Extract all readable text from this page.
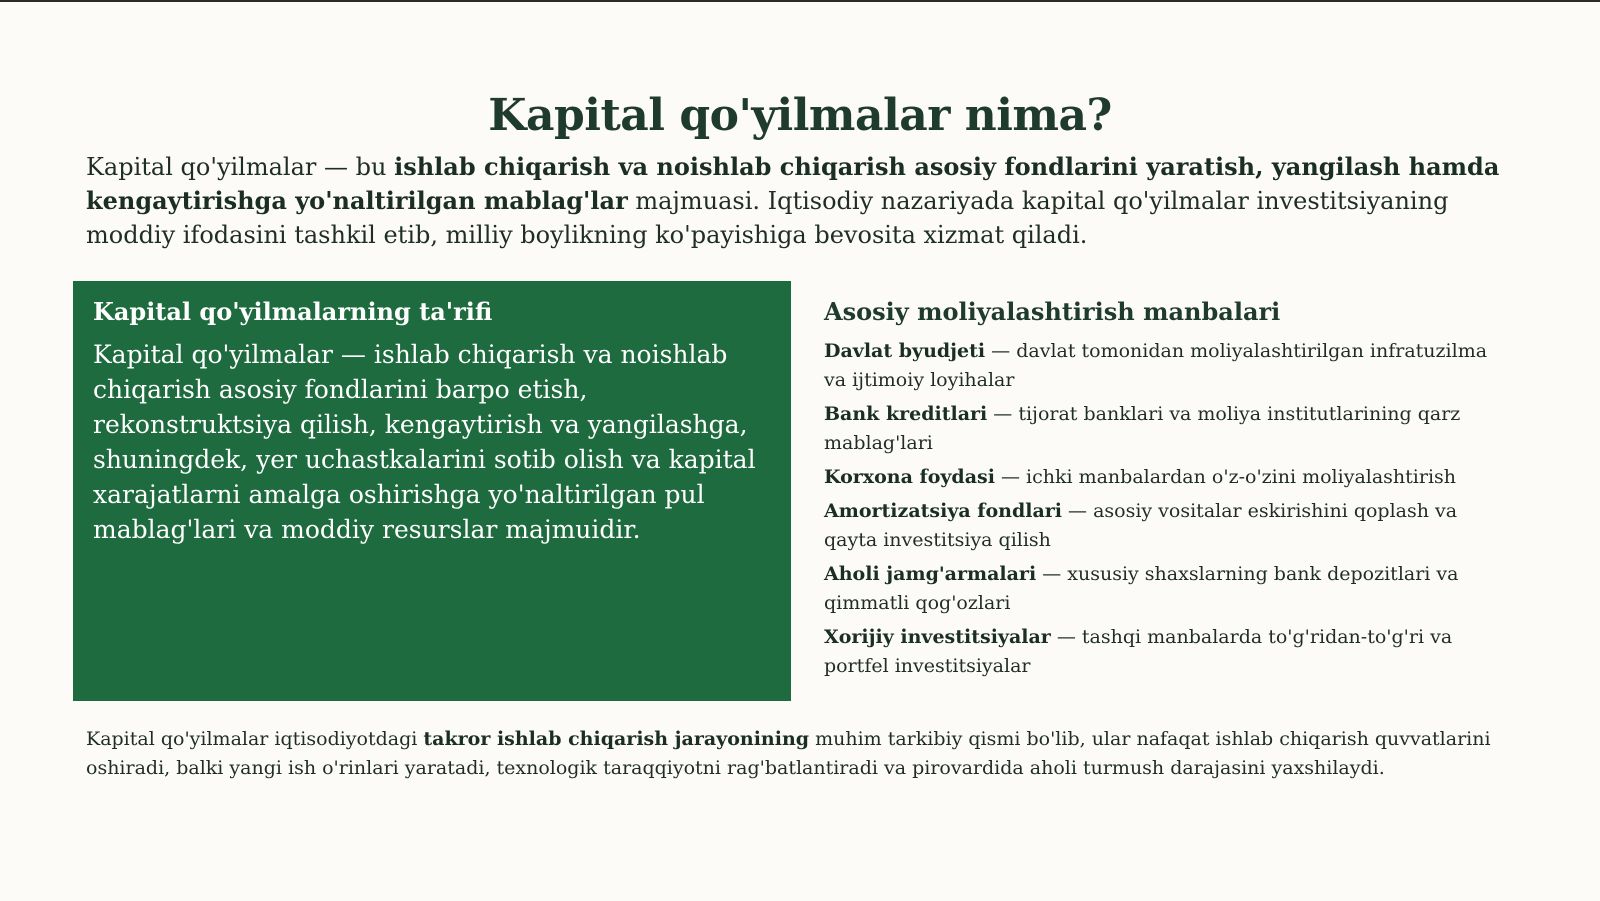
Kapital qo'yilmalar nima?

Kapital qo'yilmalar — bu ishlab chiqarish va noishlab chiqarish asosiy fondlarini yaratish, yangilash hamda kengaytirishga yo'naltirilgan mablag'lar majmuasi. Iqtisodiy nazariyada kapital qo'yilmalar investitsiyaning moddiy ifodasini tashkil etib, milliy boylikning ko'payishiga bevosita xizmat qiladi.

Kapital qo'yilmalarning ta'rifi

Kapital qo'yilmalar — ishlab chiqarish va noishlab chiqarish asosiy fondlarini barpo etish, rekonstruktsiya qilish, kengaytirish va yangilashga, shuningdek, yer uchastkalarini sotib olish va kapital xarajatlarni amalga oshirishga yo'naltirilgan pul mablag'lari va moddiy resurslar majmuidir.

Asosiy moliyalashtirish manbalari
Davlat byudjeti — davlat tomonidan moliyalashtirilgan infratuzilma va ijtimoiy loyihalar
Bank kreditlari — tijorat banklari va moliya institutlarining qarz mablag'lari
Korxona foydasi — ichki manbalardan o'z-o'zini moliyalashtirish
Amortizatsiya fondlari — asosiy vositalar eskirishini qoplash va qayta investitsiya qilish
Aholi jamg'armalari — xususiy shaxslarning bank depozitlari va qimmatli qog'ozlari
Xorijiy investitsiyalar — tashqi manbalarda to'g'ridan-to'g'ri va portfel investitsiyalar

Kapital qo'yilmalar iqtisodiyotdagi takror ishlab chiqarish jarayonining muhim tarkibiy qismi bo'lib, ular nafaqat ishlab chiqarish quvvatlarini oshiradi, balki yangi ish o'rinlari yaratadi, texnologik taraqqiyotni rag'batlantiradi va pirovardida aholi turmush darajasini yaxshilaydi.
